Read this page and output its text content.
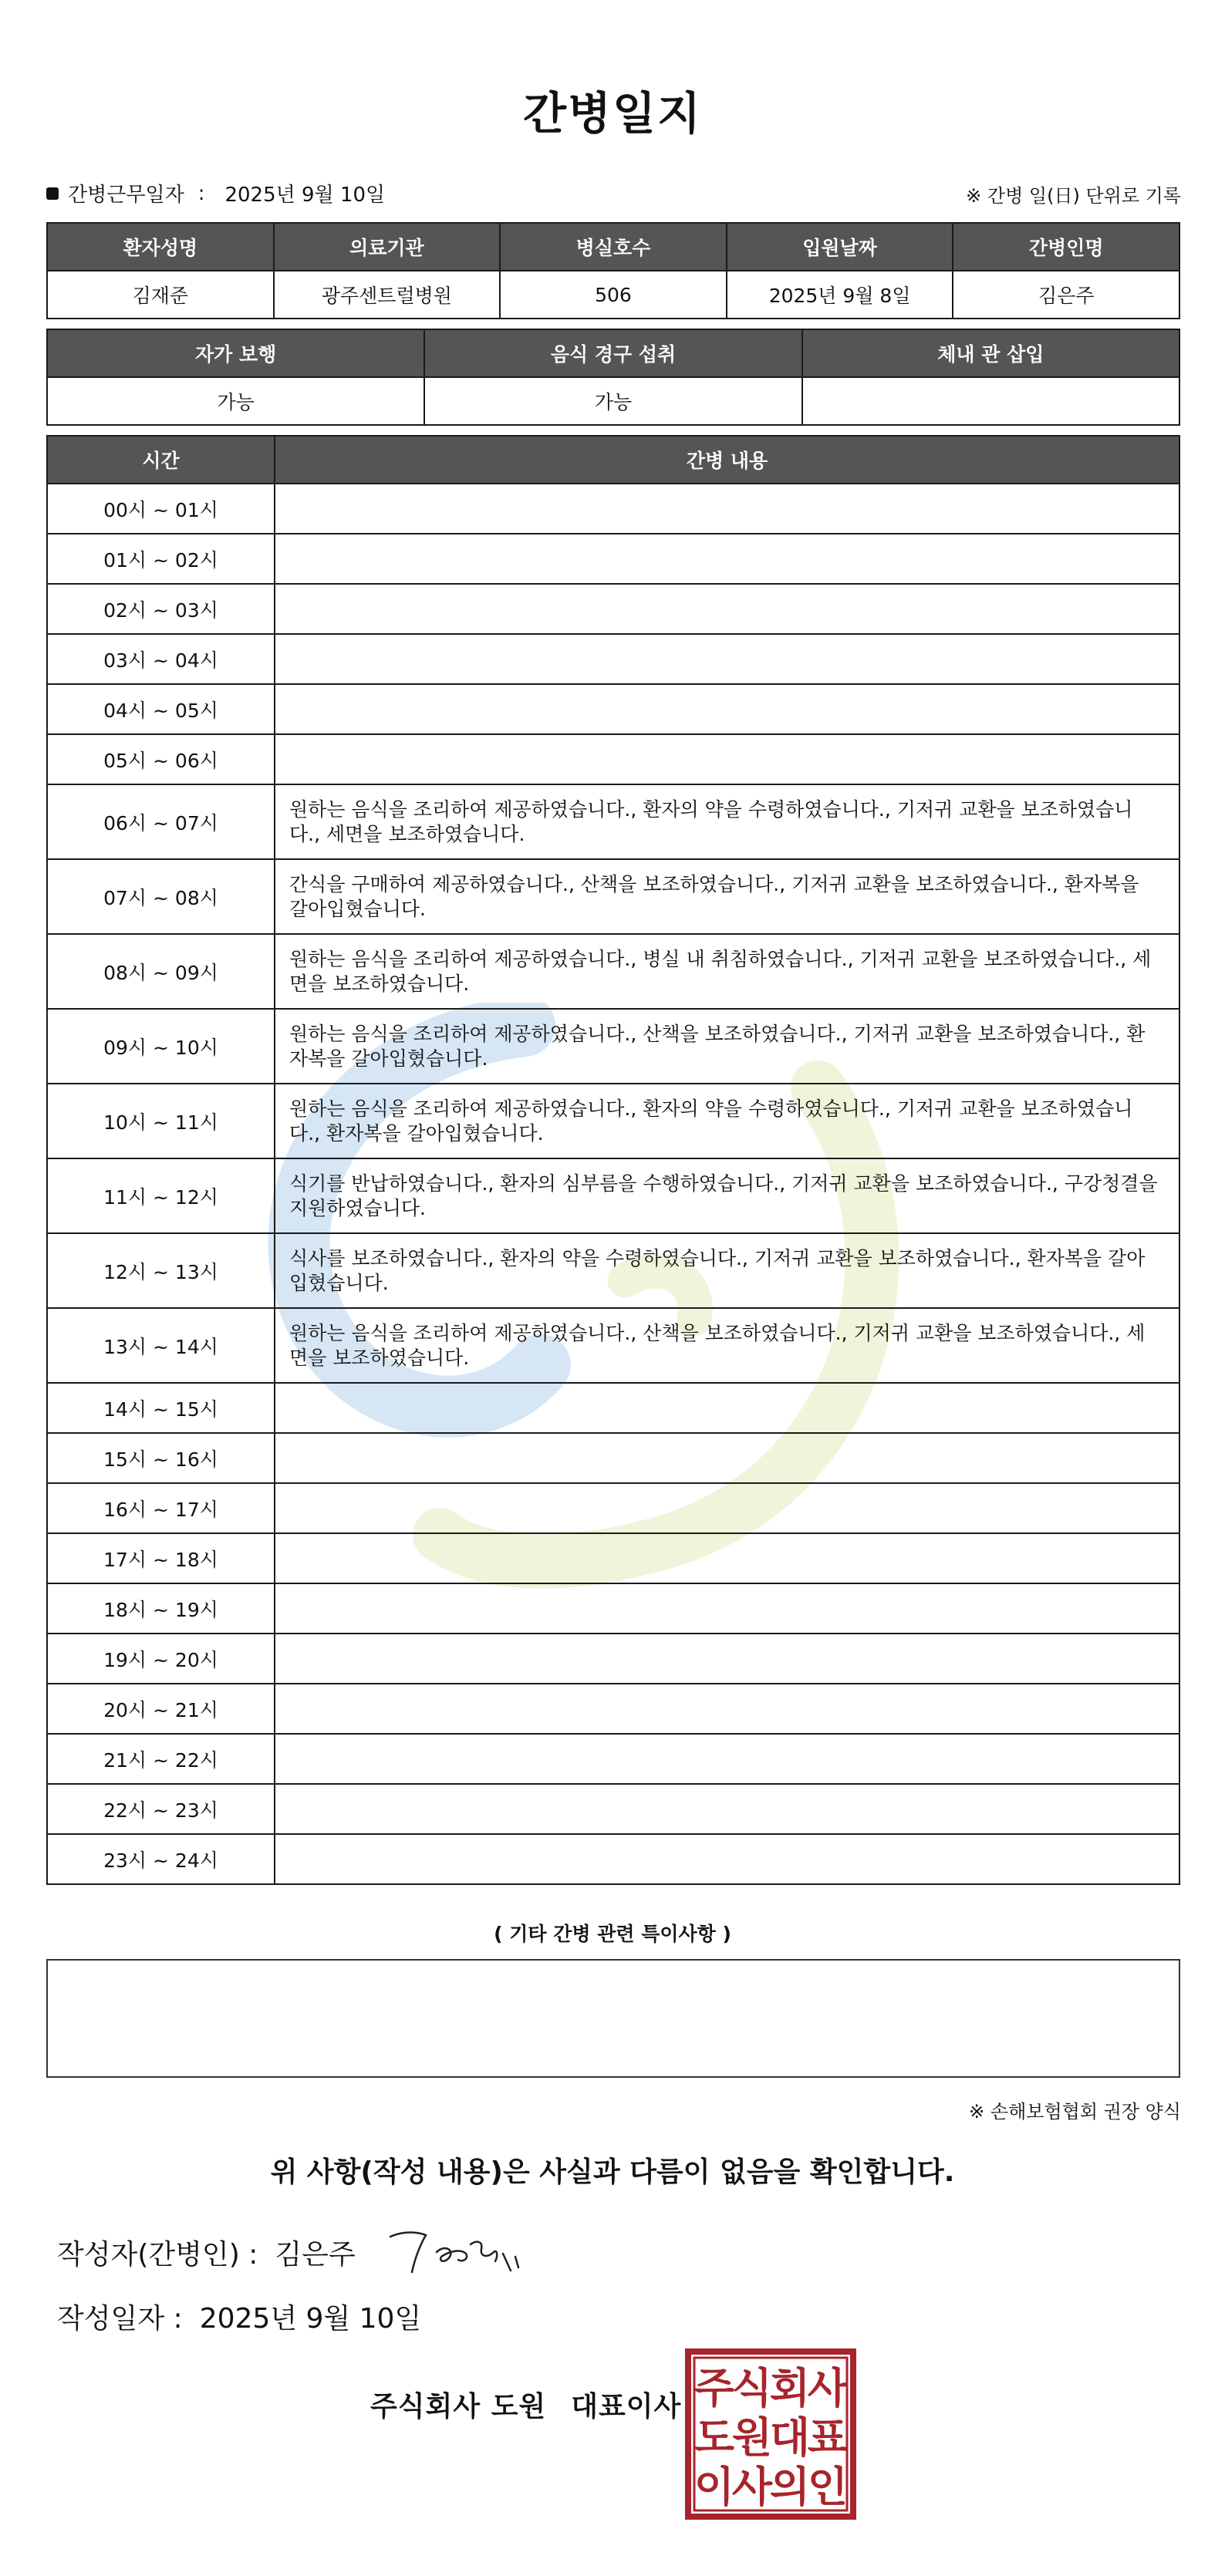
간병일지
간병근무일자 : 2025년 9월 10일	※ 간병 일(日) 단위로 기록
환자성명	의료기관	병실호수	입원날짜	간병인명
김재준	광주센트럴병원	506	2025년 9월 8일	김은주
자가 보행	음식 경구 섭취	체내 관 삽입
가능	가능	
시간	간병 내용
00시 ~ 01시	
01시 ~ 02시	
02시 ~ 03시	
03시 ~ 04시	
04시 ~ 05시	
05시 ~ 06시	
06시 ~ 07시	원하는 음식을 조리하여 제공하였습니다., 환자의 약을 수령하였습니다., 기저귀 교환을 보조하였습니다., 세면을 보조하였습니다.
07시 ~ 08시	간식을 구매하여 제공하였습니다., 산책을 보조하였습니다., 기저귀 교환을 보조하였습니다., 환자복을 갈아입혔습니다.
08시 ~ 09시	원하는 음식을 조리하여 제공하였습니다., 병실 내 취침하였습니다., 기저귀 교환을 보조하였습니다., 세면을 보조하였습니다.
09시 ~ 10시	원하는 음식을 조리하여 제공하였습니다., 산책을 보조하였습니다., 기저귀 교환을 보조하였습니다., 환자복을 갈아입혔습니다.
10시 ~ 11시	원하는 음식을 조리하여 제공하였습니다., 환자의 약을 수령하였습니다., 기저귀 교환을 보조하였습니다., 환자복을 갈아입혔습니다.
11시 ~ 12시	식기를 반납하였습니다., 환자의 심부름을 수행하였습니다., 기저귀 교환을 보조하였습니다., 구강청결을 지원하였습니다.
12시 ~ 13시	식사를 보조하였습니다., 환자의 약을 수령하였습니다., 기저귀 교환을 보조하였습니다., 환자복을 갈아입혔습니다.
13시 ~ 14시	원하는 음식을 조리하여 제공하였습니다., 산책을 보조하였습니다., 기저귀 교환을 보조하였습니다., 세면을 보조하였습니다.
14시 ~ 15시	
15시 ~ 16시	
16시 ~ 17시	
17시 ~ 18시	
18시 ~ 19시	
19시 ~ 20시	
20시 ~ 21시	
21시 ~ 22시	
22시 ~ 23시	
23시 ~ 24시	
( 기타 간병 관련 특이사항 )
※ 손해보험협회 권장 양식
위 사항(작성 내용)은 사실과 다름이 없음을 확인합니다.
작성자(간병인) : 김은주
작성일자 : 2025년 9월 10일
주식회사 도원 대표이사 주
식
회
사
도
원
대
표
이
사
의
인
